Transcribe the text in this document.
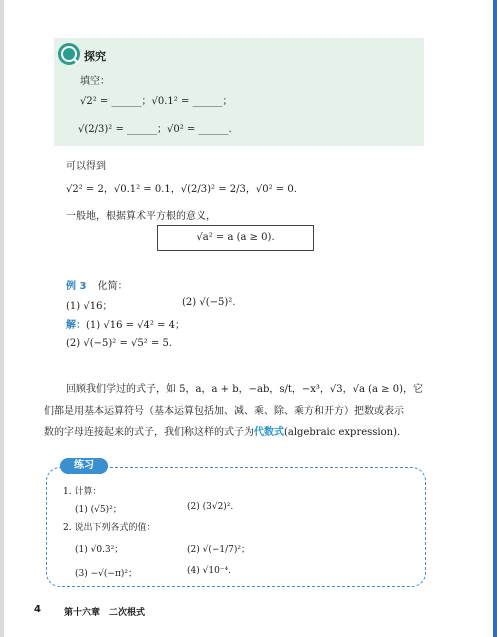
探究
填空：
√2² = ______；√0.1² = ______；
√(2/3)² = ______；√0² = ______.
可以得到
√2² = 2，√0.1² = 0.1，√(2/3)² = 2/3，√0² = 0.
一般地，根据算术平方根的意义，
√a² = a (a ≥ 0).
例 3 化简：
(1) √16；	(2) √(−5)².
解：(1) √16 = √4² = 4；
(2) √(−5)² = √5² = 5.
回顾我们学过的式子，如 5，a，a + b，−ab，s/t，−x³，√3，√a (a ≥ 0)，它
们都是用基本运算符号（基本运算包括加、减、乘、除、乘方和开方）把数或表示
数的字母连接起来的式子，我们称这样的式子为代数式(algebraic expression).
1. 计算：
(1) (√5)²；	(2) (3√2)².
2. 说出下列各式的值：
(1) √0.3²；	(2) √(−1/7)²；
(3) −√(−π)²；	(4) √10⁻⁴.
练习
4	第十六章　二次根式
